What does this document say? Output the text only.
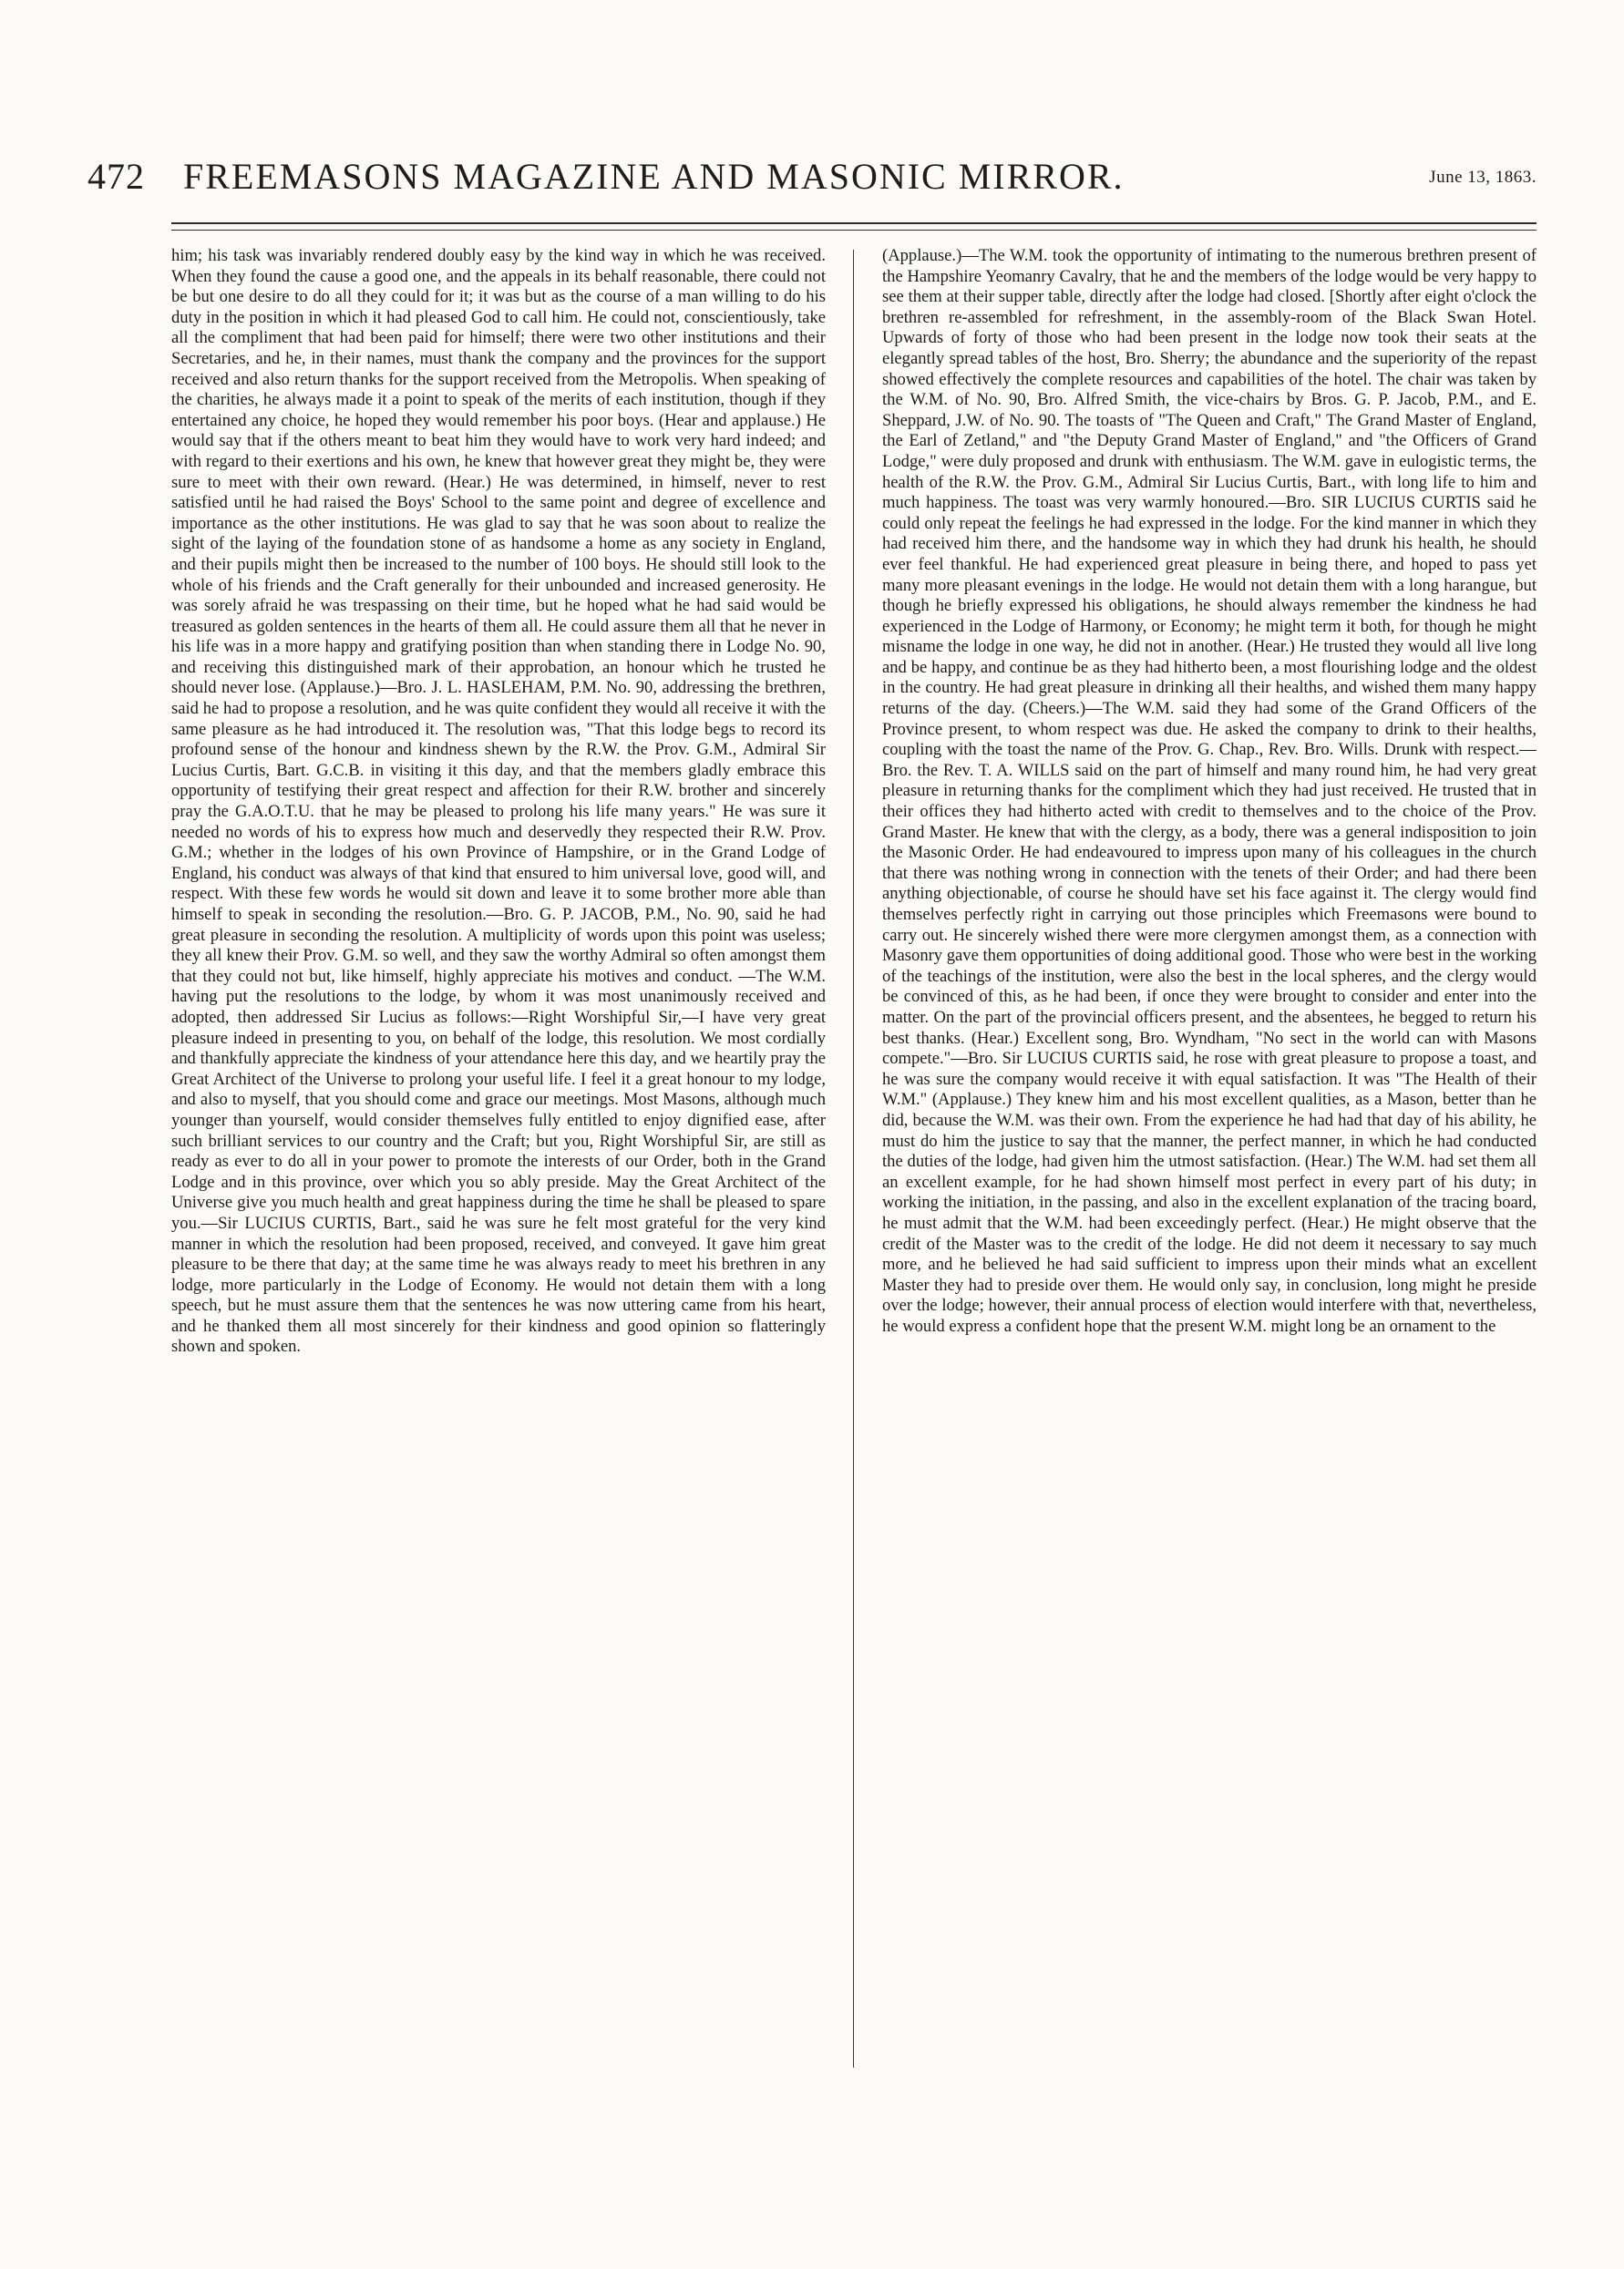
472 FREEMASONS MAGAZINE AND MASONIC MIRROR.	June 13, 1863.

him; his task was invariably rendered doubly easy by the kind way in which he was received. When they found the cause a good one, and the appeals in its behalf reasonable, there could not be but one desire to do all they could for it; it was but as the course of a man willing to do his duty in the position in which it had pleased God to call him. He could not, conscientiously, take all the compliment that had been paid for himself; there were two other institutions and their Secretaries, and he, in their names, must thank the company and the provinces for the support received and also return thanks for the support received from the Metropolis. When speaking of the charities, he always made it a point to speak of the merits of each institution, though if they entertained any choice, he hoped they would remember his poor boys. (Hear and applause.) He would say that if the others meant to beat him they would have to work very hard indeed; and with regard to their exertions and his own, he knew that however great they might be, they were sure to meet with their own reward. (Hear.) He was determined, in himself, never to rest satisfied until he had raised the Boys' School to the same point and degree of excellence and importance as the other institutions. He was glad to say that he was soon about to realize the sight of the laying of the foundation stone of as handsome a home as any society in England, and their pupils might then be increased to the number of 100 boys. He should still look to the whole of his friends and the Craft generally for their unbounded and increased generosity. He was sorely afraid he was trespassing on their time, but he hoped what he had said would be treasured as golden sentences in the hearts of them all. He could assure them all that he never in his life was in a more happy and gratifying position than when standing there in Lodge No. 90, and receiving this distinguished mark of their approbation, an honour which he trusted he should never lose. (Applause.)—Bro. J. L. HASLEHAM, P.M. No. 90, addressing the brethren, said he had to propose a resolution, and he was quite confident they would all receive it with the same pleasure as he had introduced it. The resolution was, "That this lodge begs to record its profound sense of the honour and kindness shewn by the R.W. the Prov. G.M., Admiral Sir Lucius Curtis, Bart. G.C.B. in visiting it this day, and that the members gladly embrace this opportunity of testifying their great respect and affection for their R.W. brother and sincerely pray the G.A.O.T.U. that he may be pleased to prolong his life many years." He was sure it needed no words of his to express how much and deservedly they respected their R.W. Prov. G.M.; whether in the lodges of his own Province of Hampshire, or in the Grand Lodge of England, his conduct was always of that kind that ensured to him universal love, good will, and respect. With these few words he would sit down and leave it to some brother more able than himself to speak in seconding the resolution.—Bro. G. P. JACOB, P.M., No. 90, said he had great pleasure in seconding the resolution. A multiplicity of words upon this point was useless; they all knew their Prov. G.M. so well, and they saw the worthy Admiral so often amongst them that they could not but, like himself, highly appreciate his motives and conduct. —The W.M. having put the resolutions to the lodge, by whom it was most unanimously received and adopted, then addressed Sir Lucius as follows:—Right Worshipful Sir,—I have very great pleasure indeed in presenting to you, on behalf of the lodge, this resolution. We most cordially and thankfully appreciate the kindness of your attendance here this day, and we heartily pray the Great Architect of the Universe to prolong your useful life. I feel it a great honour to my lodge, and also to myself, that you should come and grace our meetings. Most Masons, although much younger than yourself, would consider themselves fully entitled to enjoy dignified ease, after such brilliant services to our country and the Craft; but you, Right Worshipful Sir, are still as ready as ever to do all in your power to promote the interests of our Order, both in the Grand Lodge and in this province, over which you so ably preside. May the Great Architect of the Universe give you much health and great happiness during the time he shall be pleased to spare you.—Sir LUCIUS CURTIS, Bart., said he was sure he felt most grateful for the very kind manner in which the resolution had been proposed, received, and conveyed. It gave him great pleasure to be there that day; at the same time he was always ready to meet his brethren in any lodge, more particularly in the Lodge of Economy. He would not detain them with a long speech, but he must assure them that the sentences he was now uttering came from his heart, and he thanked them all most sincerely for their kindness and good opinion so flatteringly shown and spoken.

(Applause.)—The W.M. took the opportunity of intimating to the numerous brethren present of the Hampshire Yeomanry Cavalry, that he and the members of the lodge would be very happy to see them at their supper table, directly after the lodge had closed. [Shortly after eight o'clock the brethren re-assembled for refreshment, in the assembly-room of the Black Swan Hotel. Upwards of forty of those who had been present in the lodge now took their seats at the elegantly spread tables of the host, Bro. Sherry; the abundance and the superiority of the repast showed effectively the complete resources and capabilities of the hotel. The chair was taken by the W.M. of No. 90, Bro. Alfred Smith, the vice-chairs by Bros. G. P. Jacob, P.M., and E. Sheppard, J.W. of No. 90. The toasts of "The Queen and Craft," The Grand Master of England, the Earl of Zetland," and "the Deputy Grand Master of England," and "the Officers of Grand Lodge," were duly proposed and drunk with enthusiasm. The W.M. gave in eulogistic terms, the health of the R.W. the Prov. G.M., Admiral Sir Lucius Curtis, Bart., with long life to him and much happiness. The toast was very warmly honoured.—Bro. SIR LUCIUS CURTIS said he could only repeat the feelings he had expressed in the lodge. For the kind manner in which they had received him there, and the handsome way in which they had drunk his health, he should ever feel thankful. He had experienced great pleasure in being there, and hoped to pass yet many more pleasant evenings in the lodge. He would not detain them with a long harangue, but though he briefly expressed his obligations, he should always remember the kindness he had experienced in the Lodge of Harmony, or Economy; he might term it both, for though he might misname the lodge in one way, he did not in another. (Hear.) He trusted they would all live long and be happy, and continue be as they had hitherto been, a most flourishing lodge and the oldest in the country. He had great pleasure in drinking all their healths, and wished them many happy returns of the day. (Cheers.)—The W.M. said they had some of the Grand Officers of the Province present, to whom respect was due. He asked the company to drink to their healths, coupling with the toast the name of the Prov. G. Chap., Rev. Bro. Wills. Drunk with respect.—Bro. the Rev. T. A. WILLS said on the part of himself and many round him, he had very great pleasure in returning thanks for the compliment which they had just received. He trusted that in their offices they had hitherto acted with credit to themselves and to the choice of the Prov. Grand Master. He knew that with the clergy, as a body, there was a general indisposition to join the Masonic Order. He had endeavoured to impress upon many of his colleagues in the church that there was nothing wrong in connection with the tenets of their Order; and had there been anything objectionable, of course he should have set his face against it. The clergy would find themselves perfectly right in carrying out those principles which Freemasons were bound to carry out. He sincerely wished there were more clergymen amongst them, as a connection with Masonry gave them opportunities of doing additional good. Those who were best in the working of the teachings of the institution, were also the best in the local spheres, and the clergy would be convinced of this, as he had been, if once they were brought to consider and enter into the matter. On the part of the provincial officers present, and the absentees, he begged to return his best thanks. (Hear.) Excellent song, Bro. Wyndham, "No sect in the world can with Masons compete."—Bro. Sir LUCIUS CURTIS said, he rose with great pleasure to propose a toast, and he was sure the company would receive it with equal satisfaction. It was "The Health of their W.M." (Applause.) They knew him and his most excellent qualities, as a Mason, better than he did, because the W.M. was their own. From the experience he had had that day of his ability, he must do him the justice to say that the manner, the perfect manner, in which he had conducted the duties of the lodge, had given him the utmost satisfaction. (Hear.) The W.M. had set them all an excellent example, for he had shown himself most perfect in every part of his duty; in working the initiation, in the passing, and also in the excellent explanation of the tracing board, he must admit that the W.M. had been exceedingly perfect. (Hear.) He might observe that the credit of the Master was to the credit of the lodge. He did not deem it necessary to say much more, and he believed he had said sufficient to impress upon their minds what an excellent Master they had to preside over them. He would only say, in conclusion, long might he preside over the lodge; however, their annual process of election would interfere with that, nevertheless, he would express a confident hope that the present W.M. might long be an ornament to the
